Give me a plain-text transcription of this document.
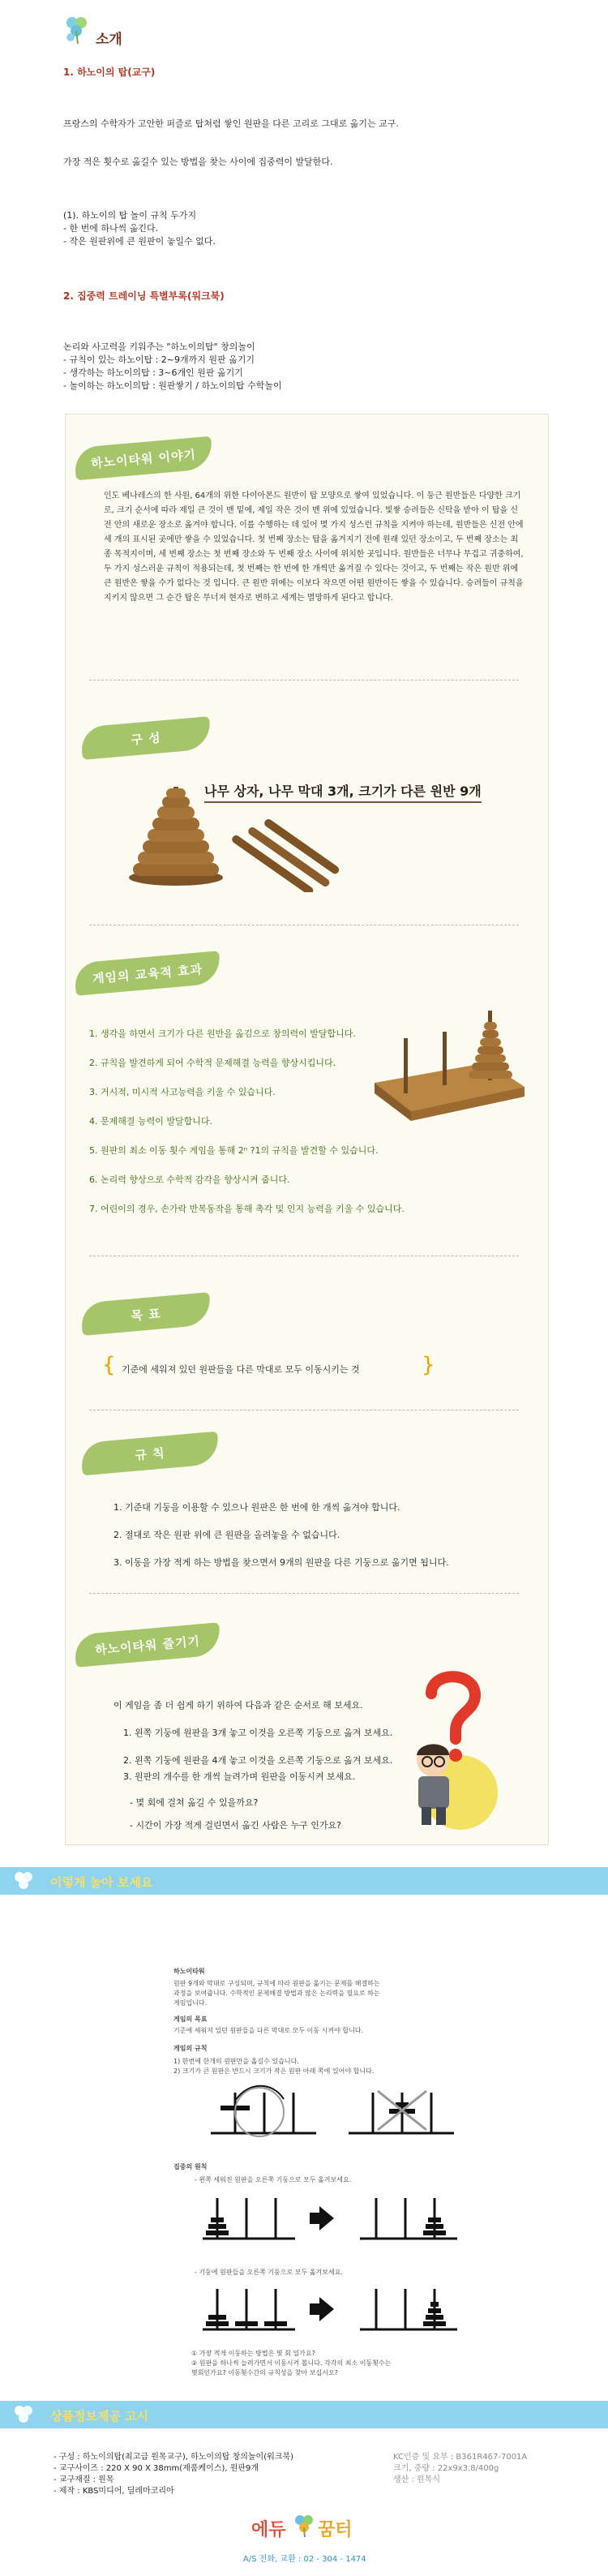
소개
1. 하노이의 탑(교구)
프랑스의 수학자가 고안한 퍼즐로 탑처럼 쌓인 원판을 다른 고리로 그대로 옮기는 교구.
가장 적은 횟수로 옮길수 있는 방법을 찾는 사이에 집중력이 발달한다.
(1). 하노이의 탑 놀이 규칙 두가지
- 한 번에 하나씩 옮긴다.
- 작은 원판위에 큰 원판이 놓일수 없다.
2. 집중력 트레이닝 특별부록(워크북)
논리와 사고력을 키워주는 "하노이의탑" 창의놀이
- 규칙이 있는 하노이탑 : 2~9개까지 원판 옮기기
- 생각하는 하노이의탑 : 3~6개인 원판 옮기기
- 놀이하는 하노이의탑 : 원판쌓기 / 하노이의탑 수학놀이
하노이타워 이야기
인도 베나레스의 한 사원, 64개의 위한 다이아몬드 원반이 탑 모양으로 쌓여 있었습니다. 이 둥근 원반들은 다양한 크기로, 크기 순서에 따라 제일 큰 것이 맨 밑에, 제일 작은 것이 맨 위에 있었습니다. 빛쌓 승려들은 신탁을 받아 이 탑을 신전 안의 새로운 장소로 옮겨야 합니다. 이를 수행하는 데 있어 몇 가지 성스런 규칙을 지켜야 하는데, 원반들은 신전 안에 세 개의 표시된 곳에만 쌓을 수 있었습니다. 첫 번째 장소는 탑을 옮겨지기 전에 원래 있던 장소이고, 두 번째 장소는 최종 목적지이며, 세 번째 장소는 첫 번째 장소와 두 번째 장소 사이에 위치한 곳입니다. 원반들은 너무나 무겁고 귀중하여, 두 가지 성스러운 규칙이 적용되는데, 첫 번째는 한 번에 한 개씩만 옮겨질 수 있다는 것이고, 두 번째는 작은 원반 위에 큰 원반은 쌓을 수가 없다는 것 입니다. 큰 원반 위에는 이보다 작으면 어떤 원반이든 쌓을 수 있습니다. 승려들이 규칙을 지키지 않으면 그 순간 탑은 무너져 현자로 변하고 세계는 멸망하게 된다고 합니다.
구 성
나무 상자, 나무 막대 3개, 크기가 다른 원반 9개
게임의 교육적 효과
1. 생각을 하면서 크기가 다른 원반을 옮김으로 창의력이 발달합니다.
2. 규칙을 발견하게 되어 수학적 문제해결 능력을 향상시킵니다.
3. 거시적, 미시적 사고능력을 키울 수 있습니다.
4. 문제해결 능력이 발달합니다.
5. 원판의 최소 이동 횟수 게임을 통해 2ⁿ ?1의 규칙을 발견할 수 있습니다.
6. 논리력 향상으로 수학적 감각을 향상시켜 줍니다.
7. 어린이의 경우, 손가락 반복동작을 통해 촉각 및 인지 능력을 키울 수 있습니다.
목 표
{ 기준에 세워져 있던 원판들을 다른 막대로 모두 이동시키는 것	}
규 칙
1. 기준대 기둥을 이용할 수 있으나 원판은 한 번에 한 개씩 옮겨야 합니다.
2. 절대로 작은 원판 위에 큰 원판을 올려놓을 수 없습니다.
3. 이동을 가장 적게 하는 방법을 찾으면서 9개의 원판을 다른 기둥으로 옮기면 됩니다.
하노이타워 즐기기
이 게임을 좀 더 쉽게 하기 위하여 다음과 같은 순서로 해 보세요.
1. 왼쪽 기둥에 원판을 3개 놓고 이것을 오른쪽 기둥으로 옮겨 보세요.
2. 왼쪽 기둥에 원판을 4개 놓고 이것을 오른쪽 기둥으로 옮겨 보세요.
3. 원판의 개수를 한 개씩 늘려가며 원판을 이동시켜 보세요.
- 몇 회에 걸쳐 옮길 수 있을까요?
- 시간이 가장 적게 걸린면서 옮긴 사람은 누구 인가요?
이렇게 놀아 보세요
하노이타워
원판 9개와 막대로 구성되며, 규칙에 따라 원판을 옮기는 문제를 해결하는
과정을 보여줍니다. 수학적인 문제해결 방법과 많은 논리력을 필요로 하는
게임입니다.
게임의 목표
기준에 세워져 있던 원판들을 다른 막대로 모두 이동 시켜야 합니다.
게임의 규칙
1) 한번에 한개의 원판만을 옮길수 있습니다.
2) 크기가 큰 원판은 반드시 크기가 작은 원판 아래 쪽에 있어야 합니다.
집중의 원칙
- 왼쪽 세워진 원판을 오른쪽 기둥으로 모두 옮겨보세요.
- 기둥에 원판들을 오른쪽 기둥으로 모두 옮겨보세요.
① 가장 적게 이동하는 방법은 몇 회 일가요?
② 원판을 하나씩 늘려가면서 이동시켜 봅니다. 각각의 최소 이동횟수는
몇회인가요? 이동횟수간의 규칙성을 찾아 보십시오?
상품정보제공 고시
- 구성 : 하노이의탑(최고급 원목교구), 하노이의탑 창의놀이(워크북)
- 교구사이즈 : 220 X 90 X 38mm(제품케이스), 원판9개
- 교구재질 : 원목
- 제작 : KBS미디어, 딜레마코리아
KC인증 및 요부 : B361R467-7001A
크기, 중량 : 22x9x3.8/400g
생산 : 원목식
에듀 꿈터
A/S 전화, 교환 : 02 - 304 - 1474
